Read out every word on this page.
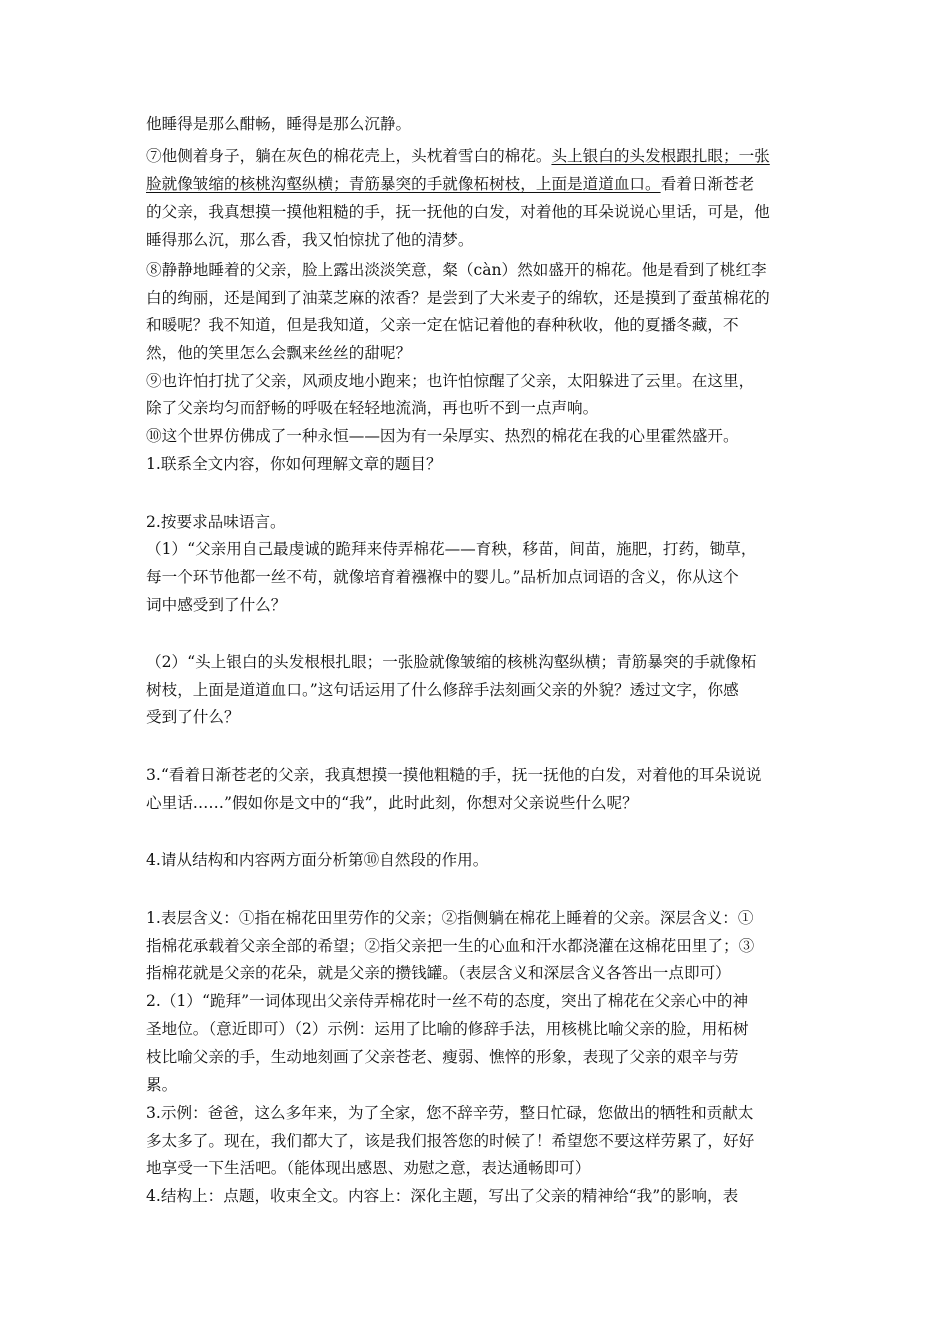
他睡得是那么酣畅，睡得是那么沉静。
⑦他侧着身子，躺在灰色的棉花壳上，头枕着雪白的棉花。头上银白的头发根跟扎眼；一张
脸就像皱缩的核桃沟壑纵横；青筋暴突的手就像柘树枝，上面是道道血口。看着日渐苍老
的父亲，我真想摸一摸他粗糙的手，抚一抚他的白发，对着他的耳朵说说心里话，可是，他
睡得那么沉，那么香，我又怕惊扰了他的清梦。
⑧静静地睡着的父亲，脸上露出淡淡笑意，粲（càn）然如盛开的棉花。他是看到了桃红李
白的绚丽，还是闻到了油菜芝麻的浓香？是尝到了大米麦子的绵软，还是摸到了蚕茧棉花的
和暖呢？我不知道，但是我知道，父亲一定在惦记着他的春种秋收，他的夏播冬藏，不
然，他的笑里怎么会飘来丝丝的甜呢？
⑨也许怕打扰了父亲，风顽皮地小跑来；也许怕惊醒了父亲，太阳躲进了云里。在这里，
除了父亲均匀而舒畅的呼吸在轻轻地流淌，再也听不到一点声响。
⑩这个世界仿佛成了一种永恒——因为有一朵厚实、热烈的棉花在我的心里霍然盛开。
1.联系全文内容，你如何理解文章的题目？
2.按要求品味语言。
（1）“父亲用自己最虔诚的跪拜来侍弄棉花——育秧，移苗，间苗，施肥，打药，锄草，
每一个环节他都一丝不苟，就像培育着襁褓中的婴儿。”品析加点词语的含义，你从这个
词中感受到了什么？
（2）“头上银白的头发根根扎眼；一张脸就像皱缩的核桃沟壑纵横；青筋暴突的手就像柘
树枝，上面是道道血口。”这句话运用了什么修辞手法刻画父亲的外貌？透过文字，你感
受到了什么？
3.“看着日渐苍老的父亲，我真想摸一摸他粗糙的手，抚一抚他的白发，对着他的耳朵说说
心里话……”假如你是文中的“我”，此时此刻，你想对父亲说些什么呢？
4.请从结构和内容两方面分析第⑩自然段的作用。
1.表层含义：①指在棉花田里劳作的父亲；②指侧躺在棉花上睡着的父亲。深层含义：①
指棉花承载着父亲全部的希望；②指父亲把一生的心血和汗水都浇灌在这棉花田里了；③
指棉花就是父亲的花朵，就是父亲的攒钱罐。（表层含义和深层含义各答出一点即可）
2.（1）“跪拜”一词体现出父亲侍弄棉花时一丝不苟的态度，突出了棉花在父亲心中的神
圣地位。（意近即可）（2）示例：运用了比喻的修辞手法，用核桃比喻父亲的脸，用柘树
枝比喻父亲的手，生动地刻画了父亲苍老、瘦弱、憔悴的形象，表现了父亲的艰辛与劳
累。
3.示例：爸爸，这么多年来，为了全家，您不辞辛劳，整日忙碌，您做出的牺牲和贡献太
多太多了。现在，我们都大了，该是我们报答您的时候了！希望您不要这样劳累了，好好
地享受一下生活吧。（能体现出感恩、劝慰之意，表达通畅即可）
4.结构上：点题，收束全文。内容上：深化主题，写出了父亲的精神给“我”的影响，表
